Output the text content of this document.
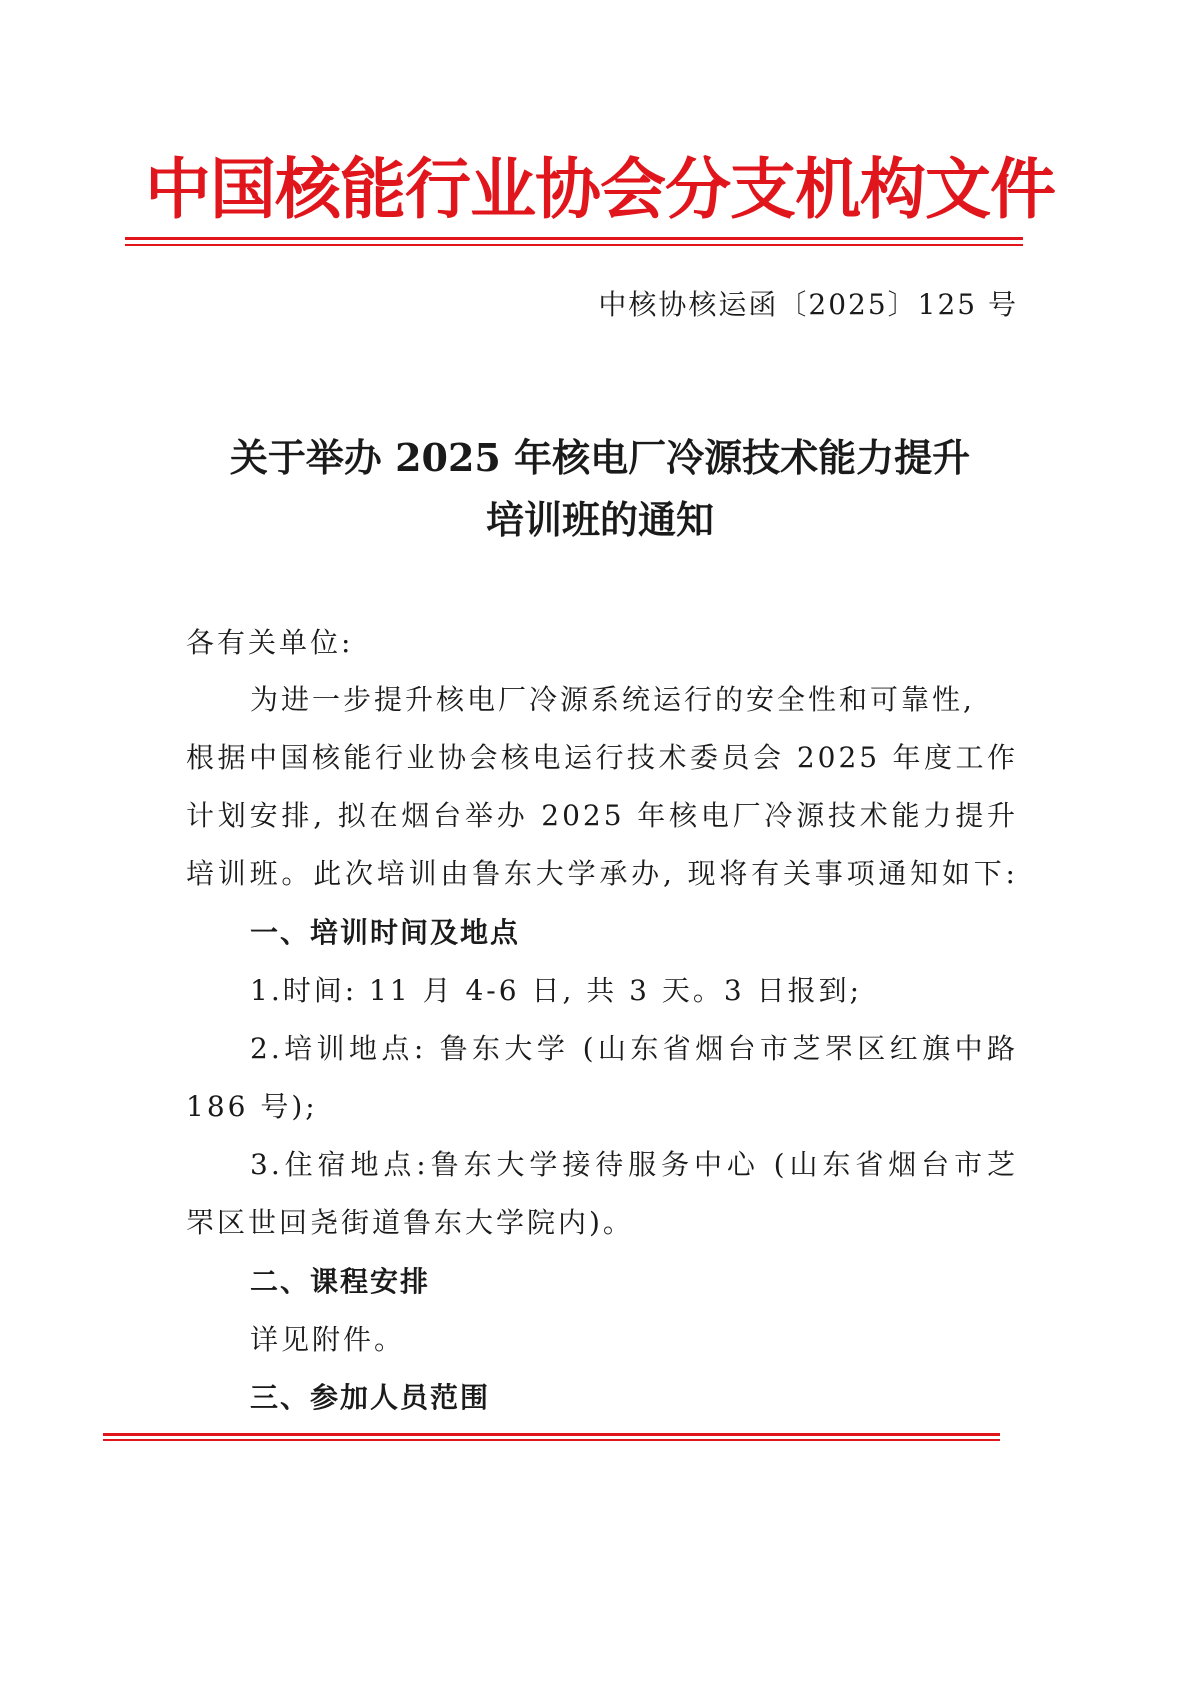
中国核能行业协会分支机构文件
中核协核运函〔2025〕125 号
关于举办 2025 年核电厂冷源技术能力提升
培训班的通知
各有关单位:
为进一步提升核电厂冷源系统运行的安全性和可靠性,
根据中国核能行业协会核电运行技术委员会 2025 年度工作
计划安排, 拟在烟台举办 2025 年核电厂冷源技术能力提升
培训班。此次培训由鲁东大学承办, 现将有关事项通知如下:
一、培训时间及地点
1.时间: 11 月 4-6 日, 共 3 天。3 日报到;
2.培训地点: 鲁东大学 (山东省烟台市芝罘区红旗中路
186 号);
3.住宿地点:鲁东大学接待服务中心 (山东省烟台市芝
罘区世回尧街道鲁东大学院内)。
二、课程安排
详见附件。
三、参加人员范围
